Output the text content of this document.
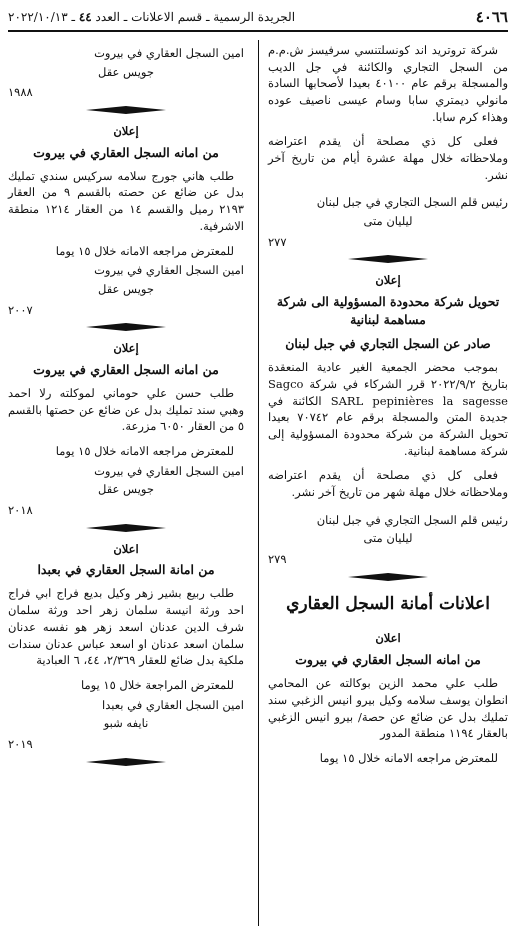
٤٠٦٦
الجريدة الرسمية ـ قسم الاعلانات ـ العدد ٤٤ ـ ٢٠٢٢/١٠/١٣

شركة تروتريد اند كونسلتنسي سرفيسز ش.م.م من السجل التجاري والكائنة في جل الديب والمسجلة برقم عام ٤٠١٠٠ بعيدا لأصحابها السادة مانولي ديمتري سابا وسام عيسى ناصيف عوده وهذاء كرم سابا.

فعلى كل ذي مصلحة أن يقدم اعتراضه وملاحظاته خلال مهلة عشرة أيام من تاريخ آخر نشر.

رئيس قلم السجل التجاري في جبل لبنان

ليليان متى

٢٧٧

إعلان

تحويل شركة محدودة المسؤولية الى شركة مساهمة لبنانية

صادر عن السجل التجاري في جبل لبنان

بموجب محضر الجمعية الغير عادية المنعقدة بتاريخ ٢٠٢٢/٩/٢ قرر الشركاء في شركة Sagco SARL pepinières la sagesse الكائنة في جديدة المتن والمسجلة برقم عام ٧٠٧٤٢ بعيدا تحويل الشركة من شركة محدودة المسؤولية إلى شركة مساهمة لبنانية.

فعلى كل ذي مصلحة أن يقدم اعتراضه وملاحظاته خلال مهلة شهر من تاريخ آخر نشر.

رئيس قلم السجل التجاري في جبل لبنان

ليليان متى

٢٧٩

اعلانات أمانة السجل العقاري

اعلان

من امانه السجل العقاري في بيروت

طلب علي محمد الزين بوكالته عن المحامي انطوان يوسف سلامه وكيل بيرو انيس الزغبي سند تمليك بدل عن ضائع عن حصة/ بيرو انيس الزغبي بالعقار ١١٩٤ منطقة المدور

للمعترض مراجعه الامانه خلال ١٥ يوما

امين السجل العقاري في بيروت

جويس عقل

١٩٨٨

إعلان

من امانه السجل العقاري في بيروت

طلب هاني جورج سلامه سركيس سندي تمليك بدل عن ضائع عن حصته بالقسم ٩ من العقار ٢١٩٣ رميل والقسم ١٤ من العقار ١٢١٤ منطقة الاشرفية.

للمعترض مراجعه الامانه خلال ١٥ يوما

امين السجل العقاري في بيروت

جويس عقل

٢٠٠٧

إعلان

من امانه السجل العقاري في بيروت

طلب حسن علي حوماني لموكلته رلا احمد وهبي سند تمليك بدل عن ضائع عن حصتها بالقسم ٥ من العقار ٦٠٥٠ مزرعة.

للمعترض مراجعه الامانه خلال ١٥ يوما

امين السجل العقاري في بيروت

جويس عقل

٢٠١٨

اعلان

من امانة السجل العقاري في بعبدا

طلب ربيع بشير زهر وكيل بديع فراج ابي فراج احد ورثة انيسة سلمان زهر احد ورثة سلمان شرف الدين عدنان اسعد زهر هو نفسه عدنان سلمان اسعد عدنان او اسعد عباس عدنان سندات ملكية بدل ضائع للعقار ٢/٣٦٩، ٤٤، ٦ العبادية

للمعترض المراجعة خلال ١٥ يوما

امين السجل العقاري في بعبدا

نايفه شبو

٢٠١٩
